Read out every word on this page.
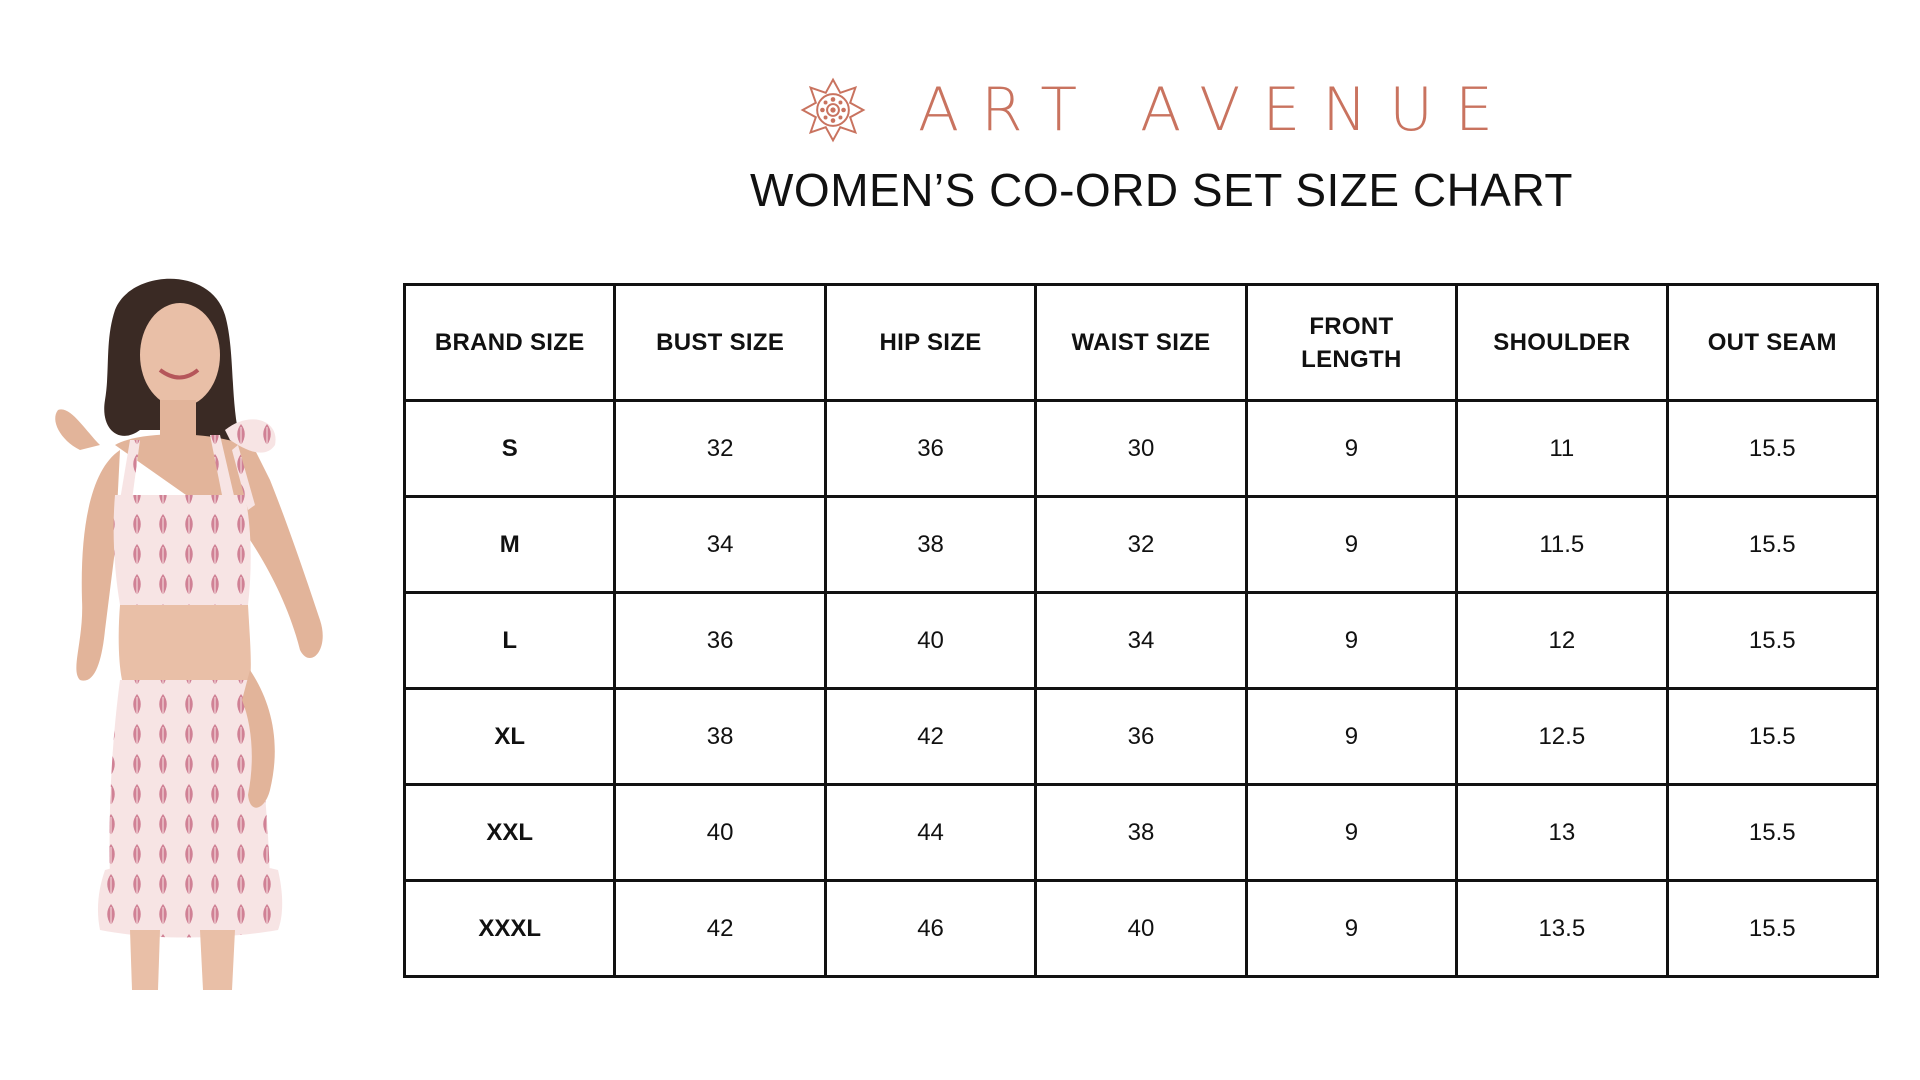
ART AVENUE
WOMEN’S CO-ORD SET SIZE CHART
BRAND SIZE	BUST SIZE	HIP SIZE	WAIST SIZE	FRONT LENGTH	SHOULDER	OUT SEAM
S	32	36	30	9	11	15.5
M	34	38	32	9	11.5	15.5
L	36	40	34	9	12	15.5
XL	38	42	36	9	12.5	15.5
XXL	40	44	38	9	13	15.5
XXXL	42	46	40	9	13.5	15.5
